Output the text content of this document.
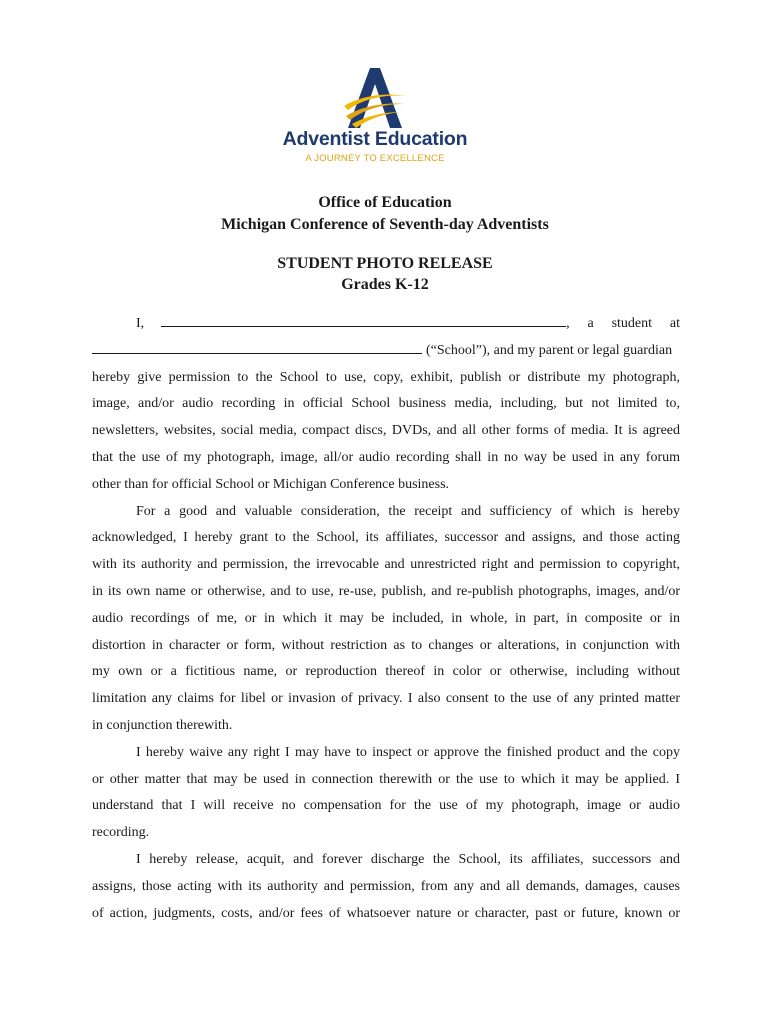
Adventist Education
A JOURNEY TO EXCELLENCE
Office of Education
Michigan Conference of Seventh-day Adventists
STUDENT PHOTO RELEASE
Grades K-12
I,	, a student at
(“School”), and my parent or legal guardian
hereby give permission to the School to use, copy, exhibit, publish or distribute my photograph,
image, and/or audio recording in official School business media, including, but not limited to,
newsletters, websites, social media, compact discs, DVDs, and all other forms of media. It is agreed
that the use of my photograph, image, all/or audio recording shall in no way be used in any forum
other than for official School or Michigan Conference business.
For a good and valuable consideration, the receipt and sufficiency of which is hereby
acknowledged, I hereby grant to the School, its affiliates, successor and assigns, and those acting
with its authority and permission, the irrevocable and unrestricted right and permission to copyright,
in its own name or otherwise, and to use, re-use, publish, and re-publish photographs, images, and/or
audio recordings of me, or in which it may be included, in whole, in part, in composite or in
distortion in character or form, without restriction as to changes or alterations, in conjunction with
my own or a fictitious name, or reproduction thereof in color or otherwise, including without
limitation any claims for libel or invasion of privacy. I also consent to the use of any printed matter
in conjunction therewith.
I hereby waive any right I may have to inspect or approve the finished product and the copy
or other matter that may be used in connection therewith or the use to which it may be applied. I
understand that I will receive no compensation for the use of my photograph, image or audio
recording.
I hereby release, acquit, and forever discharge the School, its affiliates, successors and
assigns, those acting with its authority and permission, from any and all demands, damages, causes
of action, judgments, costs, and/or fees of whatsoever nature or character, past or future, known or
